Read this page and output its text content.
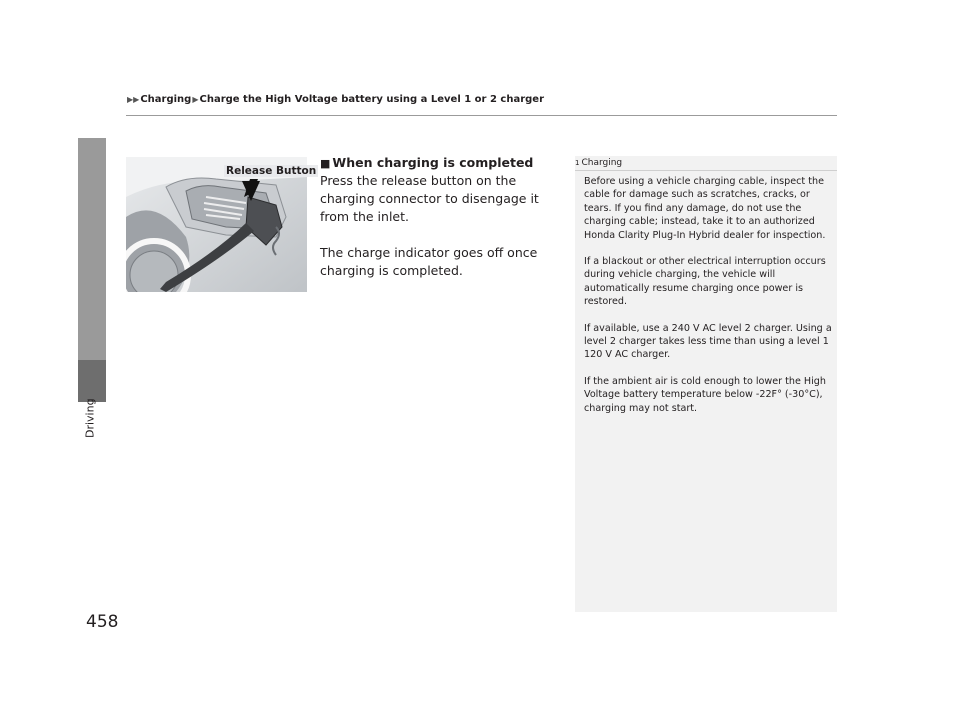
▶▶Charging▶Charge the High Voltage battery using a Level 1 or 2 charger
Driving
458
Release Button
■ When charging is completed

Press the release button on the charging connector to disengage it from the inlet.

The charge indicator goes off once charging is completed.

$^1$ Charging

Before using a vehicle charging cable, inspect the cable for damage such as scratches, cracks, or tears. If you find any damage, do not use the charging cable; instead, take it to an authorized Honda Clarity Plug-In Hybrid dealer for inspection.

If a blackout or other electrical interruption occurs during vehicle charging, the vehicle will automatically resume charging once power is restored.

If available, use a 240 V AC level 2 charger. Using a level 2 charger takes less time than using a level 1 120 V AC charger.

If the ambient air is cold enough to lower the High Voltage battery temperature below -22F° (-30°C), charging may not start.
